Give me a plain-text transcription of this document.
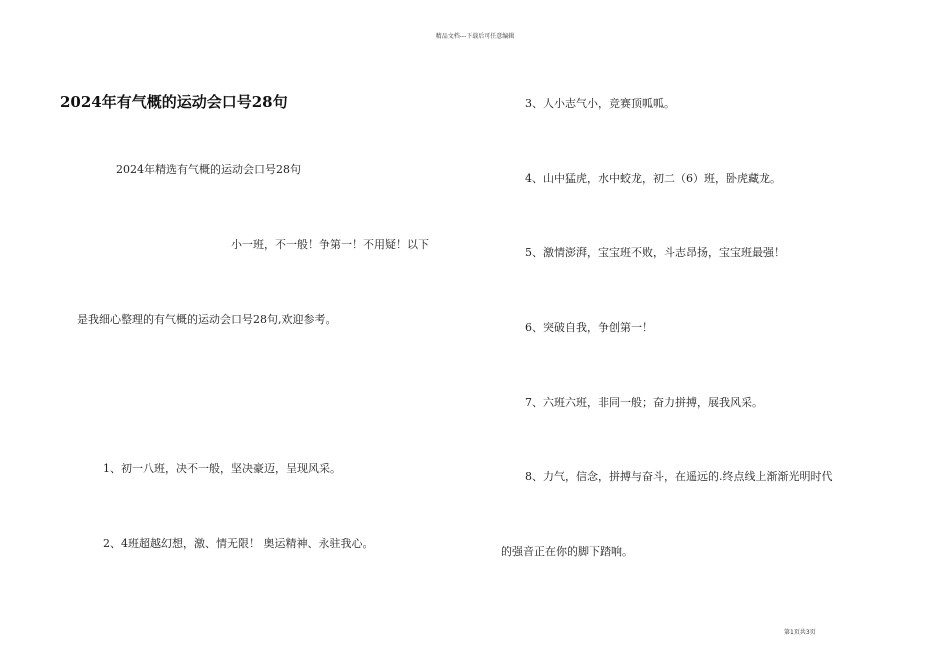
精品文档---下载后可任意编辑
2024年有气概的运动会口号28句
2024年精选有气概的运动会口号28句
小一班，不一般！争第一！不用疑！以下
是我细心整理的有气概的运动会口号28句,欢迎参考。
1、初一八班，决不一般，坚决豪迈，呈现风采。
2、4班超越幻想，激、情无限！ 奥运精神、永驻我心。
3、人小志气小，竞赛顶呱呱。
4、山中猛虎，水中蛟龙，初二（6）班，卧虎藏龙。
5、激情澎湃，宝宝班不败，斗志昂扬，宝宝班最强！
6、突破自我，争创第一！
7、六班六班，非同一般；奋力拼搏，展我风采。
8、力气，信念，拼搏与奋斗，在遥远的.终点线上渐渐光明时代
的强音正在你的脚下踏响。
第1页共3页
